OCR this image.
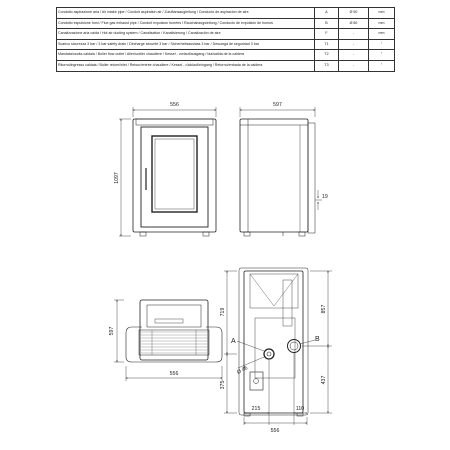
Condotto aspirazione aria / Air intake pipe / Conduit aspiration air / Zuluftansaugleitung / Conducto de aspiración de aire	A	Ø 50	mm
Condotto espulsione fumi / Flue gas exhaust pipe / Conduit expulsion fumées / Rauchabzugsleitung / Conducto de expulsión de humos	B	Ø 80	mm
Canalizzazione aria calda / Hot air ducting system / Canalisation / Kanalisierung / Canalización de aire	F	-	mm
Scarico sicurezza 3 bar / 3 bar safety drain / Décharge sécurité 3 bar / Sicherheitsauslass 3 bar / Descarga de seguridad 3 bar	T1	-	"
Mandata/uscita caldaia / Boiler flow outlet / Aller/sortier chaudiere / Kessel - vorlauf/ausgang / ida/salida de la caldera	T2	-	"
Ritorno/ingresso caldaia / Boiler return/inlet / Retour/entrée chaudiere / Kessel - rücklauf/eingang / Retorno/entrada de la caldera	T3	-	"
556
1097
597
19
597
556
A	B
Ø 46
719
375
857
437
215	110
556
